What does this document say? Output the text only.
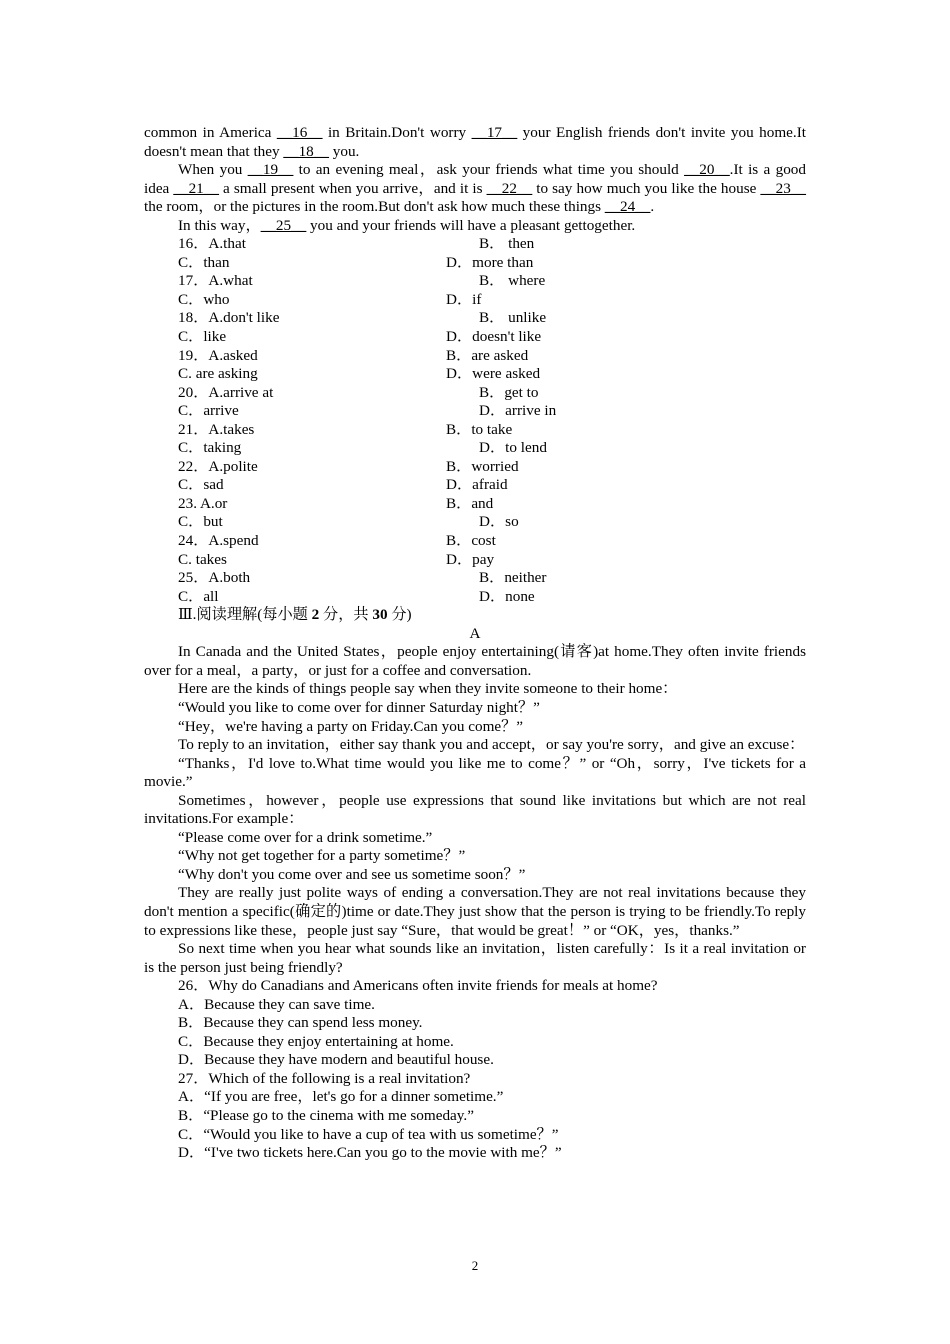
common in America __16__ in Britain.Don't worry __17__ your English friends don't invite you home.It doesn't mean that they __18__ you.

When you __19__ to an evening meal，ask your friends what time you should __20__.It is a good idea __21__ a small present when you arrive，and it is __22__ to say how much you like the house __23__ the room，or the pictures in the room.But don't ask how much these things __24__.

In this way，__25__ you and your friends will have a pleasant gettogether.

16．A.that	B． then
C．than	D．more than
17．A.what	B． where
C．who	D．if
18．A.don't like	B． unlike
C．like	D．doesn't like
19．A.asked	B．are asked
C. are asking	D．were asked
20．A.arrive at	B．get to
C．arrive	D．arrive in
21．A.takes	B．to take
C．taking	D．to lend
22．A.polite	B．worried
C．sad	D．afraid
23. A.or	B．and
C．but	D．so
24．A.spend	B．cost
C. takes	D．pay
25．A.both	B．neither
C．all	D．none

Ⅲ.阅读理解(每小题 2 分，共 30 分)

A

In Canada and the United States，people enjoy entertaining(请客)at home.They often invite friends over for a meal，a party，or just for a coffee and conversation.

Here are the kinds of things people say when they invite someone to their home：

“Would you like to come over for dinner Saturday night？”

“Hey，we're having a party on Friday.Can you come？”

To reply to an invitation，either say thank you and accept，or say you're sorry，and give an excuse：

“Thanks，I'd love to.What time would you like me to come？” or “Oh，sorry，I've tickets for a movie.”

Sometimes，however，people use expressions that sound like invitations but which are not real invitations.For example：

“Please come over for a drink sometime.”

“Why not get together for a party sometime？”

“Why don't you come over and see us sometime soon？”

They are really just polite ways of ending a conversation.They are not real invitations because they don't mention a specific(确定的)time or date.They just show that the person is trying to be friendly.To reply to expressions like these，people just say “Sure，that would be great！” or “OK，yes，thanks.”

So next time when you hear what sounds like an invitation，listen carefully：Is it a real invitation or is the person just being friendly?

26．Why do Canadians and Americans often invite friends for meals at home?

A．Because they can save time.

B．Because they can spend less money.

C．Because they enjoy entertaining at home.

D．Because they have modern and beautiful house.

27．Which of the following is a real invitation?

A．“If you are free，let's go for a dinner sometime.”

B．“Please go to the cinema with me someday.”

C．“Would you like to have a cup of tea with us sometime？”

D．“I've two tickets here.Can you go to the movie with me？”

2
